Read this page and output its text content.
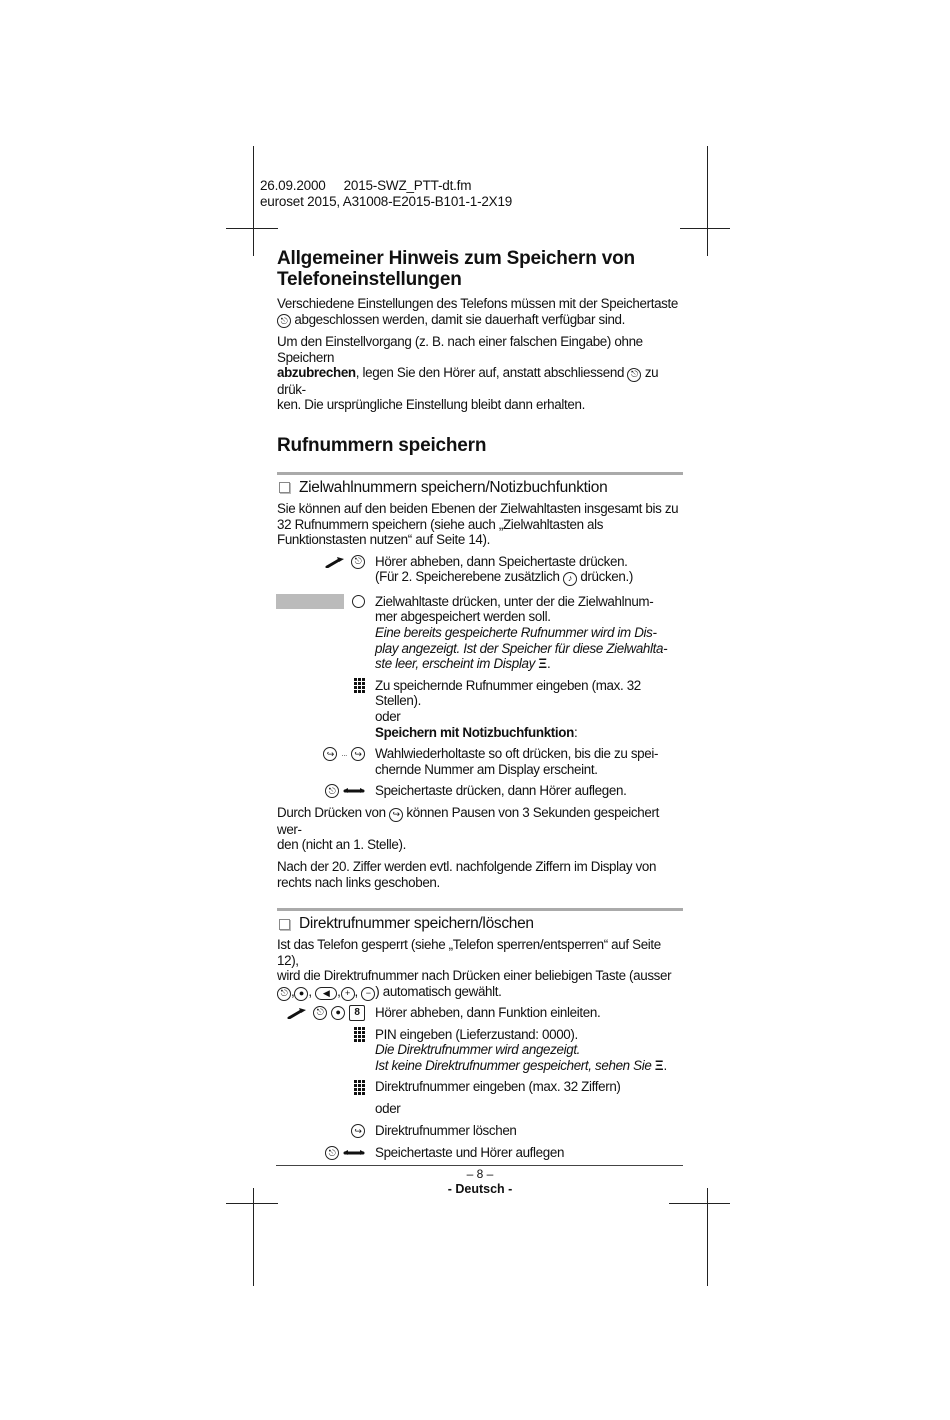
26.09.2000 2015-SWZ_PTT-dt.fm
euroset 2015, A31008-E2015-B101-1-2X19
Allgemeiner Hinweis zum Speichern von Telefoneinstellungen

Verschiedene Einstellungen des Telefons müssen mit der Speichertaste
⎋ abgeschlossen werden, damit sie dauerhaft verfügbar sind.

Um den Einstellvorgang (z. B. nach einer falschen Eingabe) ohne Speichern
abzubrechen, legen Sie den Hörer auf, anstatt abschliessend ⎋ zu drük-
ken. Die ursprüngliche Einstellung bleibt dann erhalten.

Rufnummern speichern
Zielwahlnummern speichern/Notizbuchfunktion

Sie können auf den beiden Ebenen der Zielwahltasten insgesamt bis zu 32 Rufnummern speichern (siehe auch „Zielwahltasten als Funktionstasten nutzen“ auf Seite 14).

⎋ Hörer abheben, dann Speichertaste drücken.
(Für 2. Speicherebene zusätzlich ♪ drücken.)
Zielwahltaste drücken, unter der die Zielwahlnum-
mer abgespeichert werden soll.
Eine bereits gespeicherte Rufnummer wird im Dis-
play angezeigt. Ist der Speicher für diese Zielwahlta-
ste leer, erscheint im Display Ξ.
Zu speichernde Rufnummer eingeben (max. 32 Stellen).
oder
Speichern mit Notizbuchfunktion:
↪ ... ↪ Wahlwiederholtaste so oft drücken, bis die zu spei-
chernde Nummer am Display erscheint.
⎋	Speichertaste drücken, dann Hörer auflegen.

Durch Drücken von ↪ können Pausen von 3 Sekunden gespeichert wer-
den (nicht an 1. Stelle).

Nach der 20. Ziffer werden evtl. nachfolgende Ziffern im Display von rechts nach links geschoben.

Direktrufnummer speichern/löschen

Ist das Telefon gesperrt (siehe „Telefon sperren/entsperren“ auf Seite 12),
wird die Direktrufnummer nach Drücken einer beliebigen Taste (ausser
⎋ , ● , ◀ , + , − ) automatisch gewählt.

⎋	●	8	Hörer abheben, dann Funktion einleiten.
PIN eingeben (Lieferzustand: 0000).
Die Direktrufnummer wird angezeigt.
Ist keine Direktrufnummer gespeichert, sehen Sie Ξ.
Direktrufnummer eingeben (max. 32 Ziffern)
oder
↪ Direktrufnummer löschen
⎋	Speichertaste und Hörer auflegen
– 8 –
- Deutsch -
